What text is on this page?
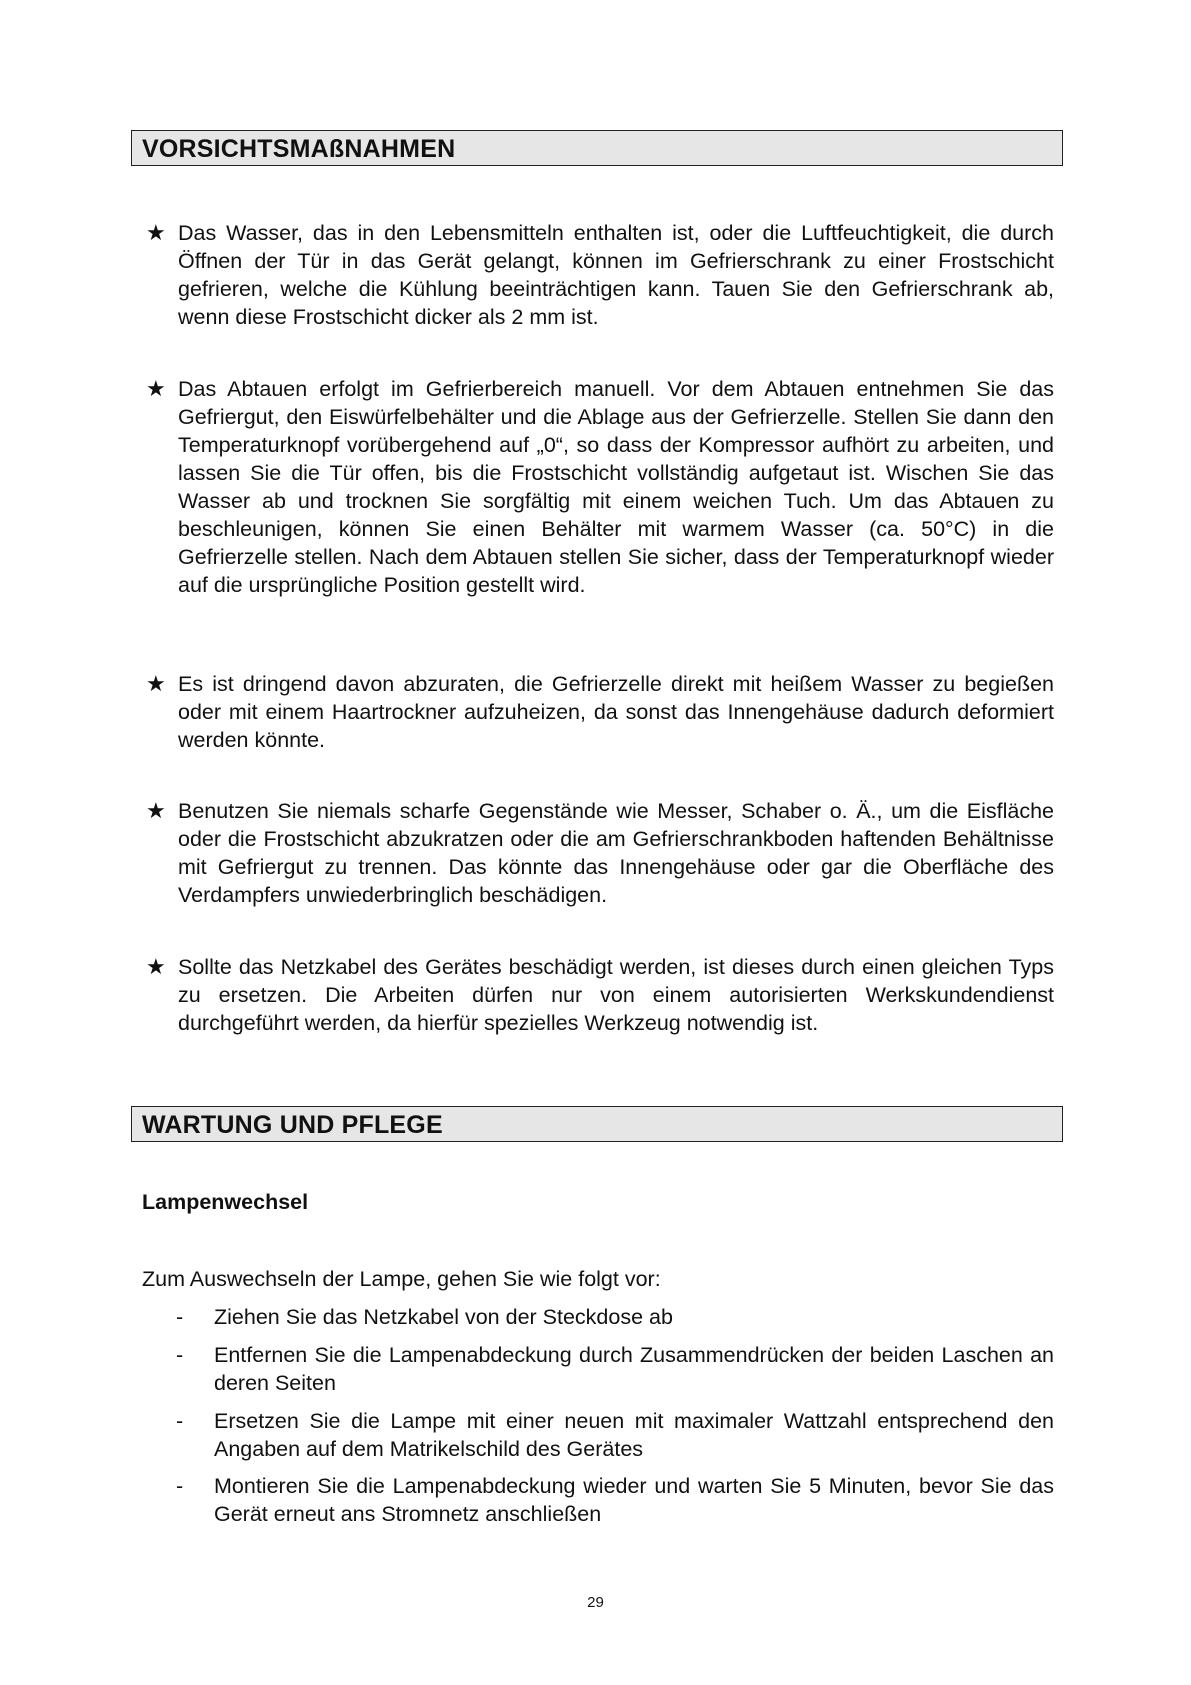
VORSICHTSMAßNAHMEN
★ Das Wasser, das in den Lebensmitteln enthalten ist, oder die Luftfeuchtigkeit, die durch Öffnen der Tür in das Gerät gelangt, können im Gefrierschrank zu einer Frostschicht gefrieren, welche die Kühlung beeinträchtigen kann. Tauen Sie den Gefrierschrank ab, wenn diese Frostschicht dicker als 2 mm ist.
★ Das Abtauen erfolgt im Gefrierbereich manuell. Vor dem Abtauen entnehmen Sie das Gefriergut, den Eiswürfelbehälter und die Ablage aus der Gefrierzelle. Stellen Sie dann den Temperaturknopf vorübergehend auf „0“, so dass der Kompressor aufhört zu arbeiten, und lassen Sie die Tür offen, bis die Frostschicht vollständig aufgetaut ist. Wischen Sie das Wasser ab und trocknen Sie sorgfältig mit einem weichen Tuch. Um das Abtauen zu beschleunigen, können Sie einen Behälter mit warmem Wasser (ca. 50°C) in die Gefrierzelle stellen. Nach dem Abtauen stellen Sie sicher, dass der Temperaturknopf wieder auf die ursprüngliche Position gestellt wird.
★ Es ist dringend davon abzuraten, die Gefrierzelle direkt mit heißem Wasser zu begießen oder mit einem Haartrockner aufzuheizen, da sonst das Innengehäuse dadurch deformiert werden könnte.
★ Benutzen Sie niemals scharfe Gegenstände wie Messer, Schaber o. Ä., um die Eisfläche oder die Frostschicht abzukratzen oder die am Gefrierschrankboden haftenden Behältnisse mit Gefriergut zu trennen. Das könnte das Innengehäuse oder gar die Oberfläche des Verdampfers unwiederbringlich beschädigen.
★ Sollte das Netzkabel des Gerätes beschädigt werden, ist dieses durch einen gleichen Typs zu ersetzen. Die Arbeiten dürfen nur von einem autorisierten Werkskundendienst durchgeführt werden, da hierfür spezielles Werkzeug notwendig ist.
WARTUNG UND PFLEGE
Lampenwechsel
Zum Auswechseln der Lampe, gehen Sie wie folgt vor:
- Ziehen Sie das Netzkabel von der Steckdose ab
- Entfernen Sie die Lampenabdeckung durch Zusammendrücken der beiden Laschen an deren Seiten
- Ersetzen Sie die Lampe mit einer neuen mit maximaler Wattzahl entsprechend den Angaben auf dem Matrikelschild des Gerätes
- Montieren Sie die Lampenabdeckung wieder und warten Sie 5 Minuten, bevor Sie das Gerät erneut ans Stromnetz anschließen
29
